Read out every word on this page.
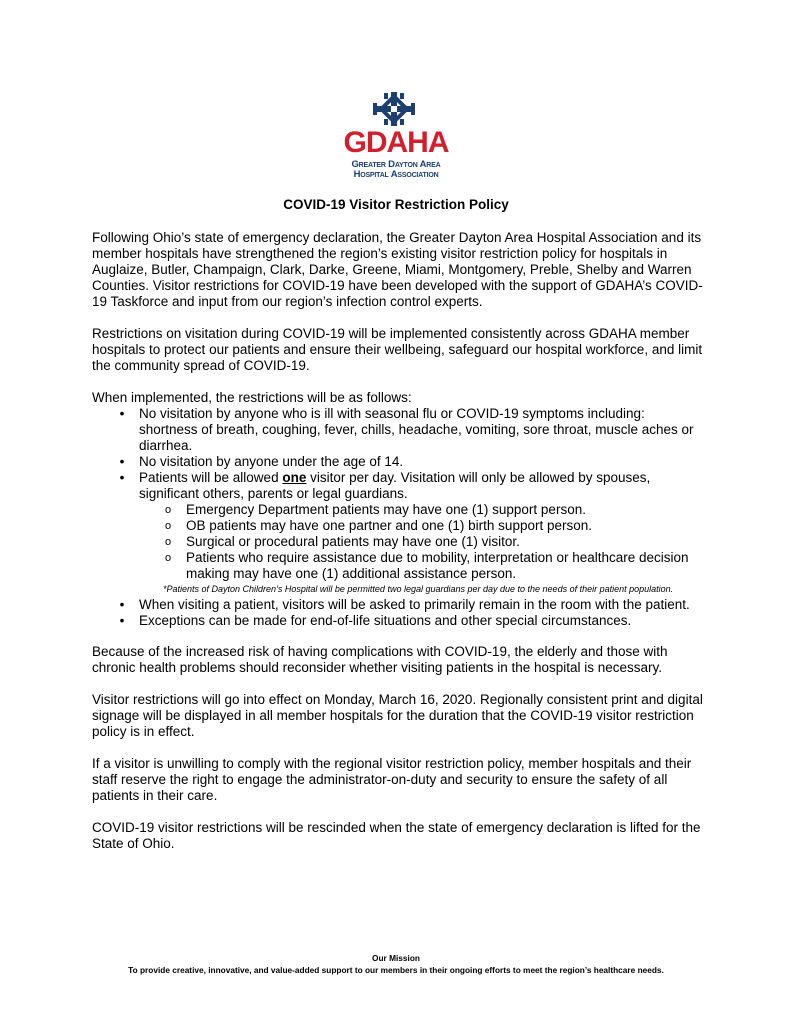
GDAHA
Greater Dayton Area
Hospital Association
COVID-19 Visitor Restriction Policy

Following Ohio’s state of emergency declaration, the Greater Dayton Area Hospital Association and its member hospitals have strengthened the region’s existing visitor restriction policy for hospitals in Auglaize, Butler, Champaign, Clark, Darke, Greene, Miami, Montgomery, Preble, Shelby and Warren Counties. Visitor restrictions for COVID-19 have been developed with the support of GDAHA’s COVID-19 Taskforce and input from our region’s infection control experts.

Restrictions on visitation during COVID-19 will be implemented consistently across GDAHA member hospitals to protect our patients and ensure their wellbeing, safeguard our hospital workforce, and limit the community spread of COVID-19.

When implemented, the restrictions will be as follows:

• No visitation by anyone who is ill with seasonal flu or COVID-19 symptoms including: shortness of breath, coughing, fever, chills, headache, vomiting, sore throat, muscle aches or diarrhea.
• No visitation by anyone under the age of 14.
• Patients will be allowed one visitor per day. Visitation will only be allowed by spouses, significant others, parents or legal guardians.
o Emergency Department patients may have one (1) support person.
o OB patients may have one partner and one (1) birth support person.
o Surgical or procedural patients may have one (1) visitor.
o Patients who require assistance due to mobility, interpretation or healthcare decision making may have one (1) additional assistance person.
*Patients of Dayton Children’s Hospital will be permitted two legal guardians per day due to the needs of their patient population.
• When visiting a patient, visitors will be asked to primarily remain in the room with the patient.
• Exceptions can be made for end-of-life situations and other special circumstances.

Because of the increased risk of having complications with COVID-19, the elderly and those with chronic health problems should reconsider whether visiting patients in the hospital is necessary.

Visitor restrictions will go into effect on Monday, March 16, 2020. Regionally consistent print and digital signage will be displayed in all member hospitals for the duration that the COVID-19 visitor restriction policy is in effect.

If a visitor is unwilling to comply with the regional visitor restriction policy, member hospitals and their staff reserve the right to engage the administrator-on-duty and security to ensure the safety of all patients in their care.

COVID-19 visitor restrictions will be rescinded when the state of emergency declaration is lifted for the State of Ohio.

Our Mission
To provide creative, innovative, and value-added support to our members in their ongoing efforts to meet the region’s healthcare needs.
